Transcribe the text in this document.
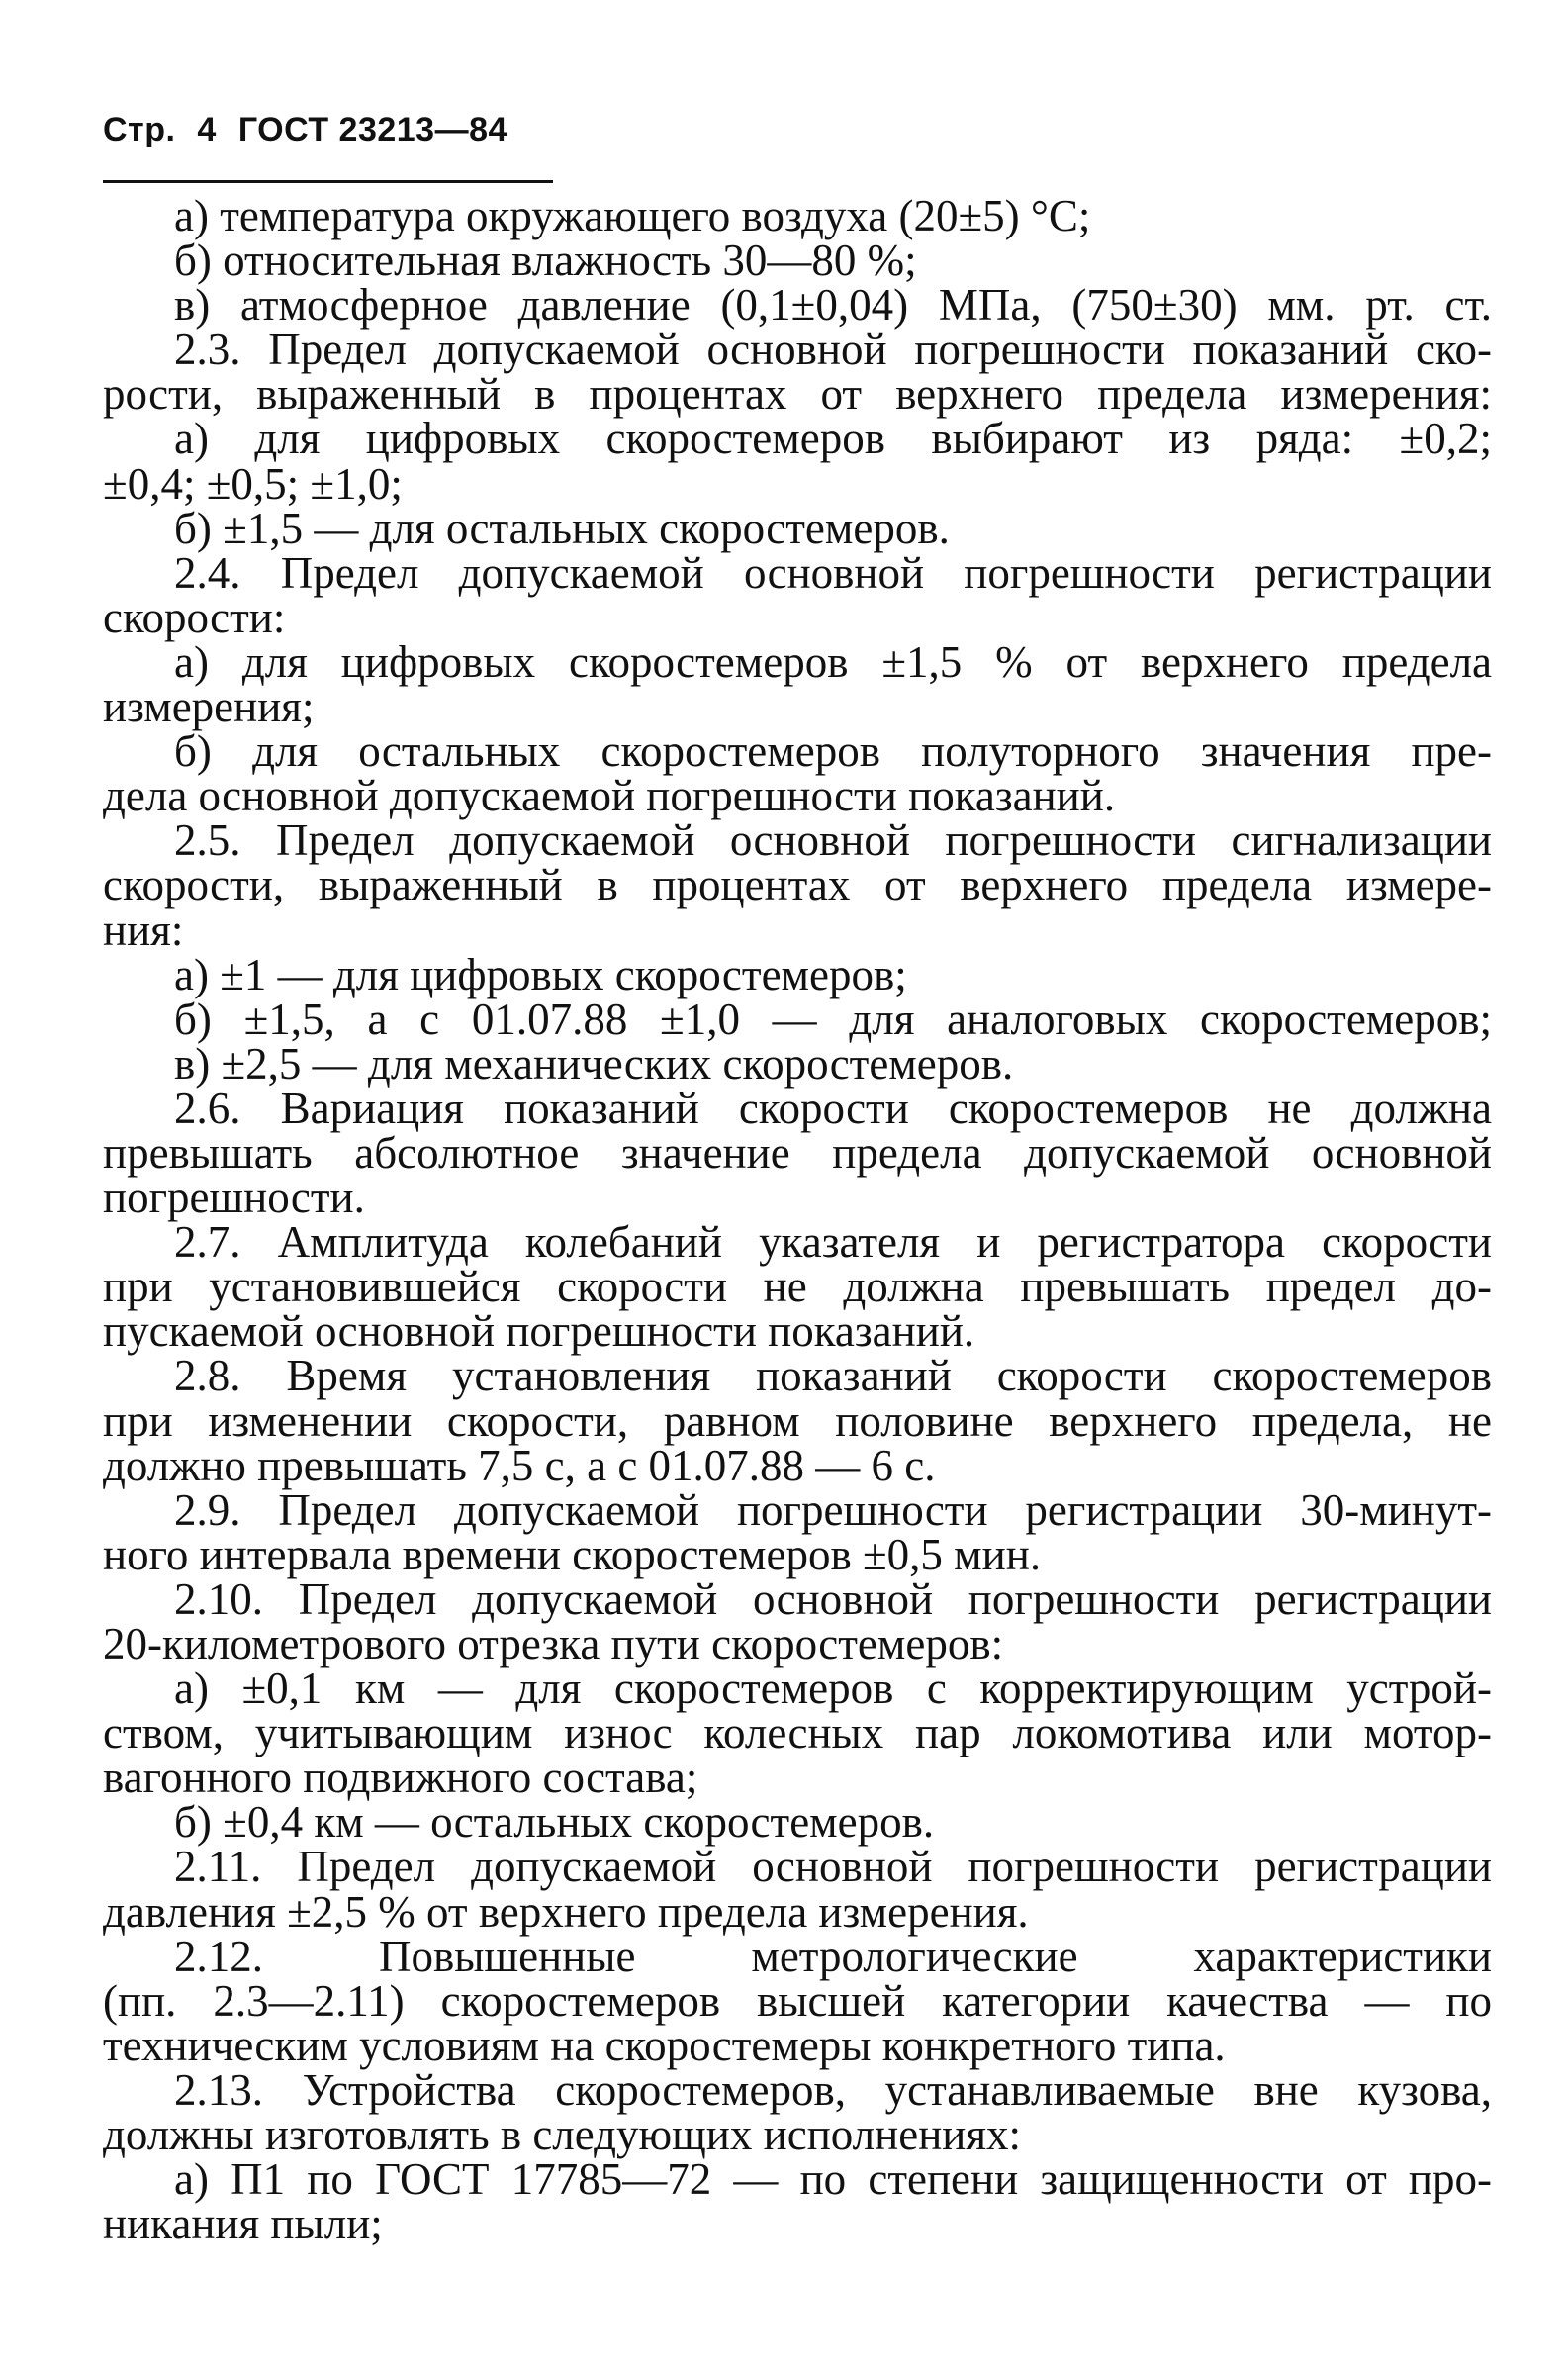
Стр. 4 ГОСТ 23213—84
а) температура окружающего воздуха (20±5) °С;
б) относительная влажность 30—80 %;
в) атмосферное давление (0,1±0,04) МПа, (750±30) мм. рт. ст.
2.3. Предел допускаемой основной погрешности показаний ско-
рости, выраженный в процентах от верхнего предела измерения:
а) для цифровых скоростемеров выбирают из ряда: ±0,2;
±0,4; ±0,5; ±1,0;
б) ±1,5 — для остальных скоростемеров.
2.4. Предел допускаемой основной погрешности регистрации
скорости:
а) для цифровых скоростемеров ±1,5 % от верхнего предела
измерения;
б) для остальных скоростемеров полуторного значения пре-
дела основной допускаемой погрешности показаний.
2.5. Предел допускаемой основной погрешности сигнализации
скорости, выраженный в процентах от верхнего предела измере-
ния:
а) ±1 — для цифровых скоростемеров;
б) ±1,5, а с 01.07.88 ±1,0 — для аналоговых скоростемеров;
в) ±2,5 — для механических скоростемеров.
2.6. Вариация показаний скорости скоростемеров не должна
превышать абсолютное значение предела допускаемой основной
погрешности.
2.7. Амплитуда колебаний указателя и регистратора скорости
при установившейся скорости не должна превышать предел до-
пускаемой основной погрешности показаний.
2.8. Время установления показаний скорости скоростемеров
при изменении скорости, равном половине верхнего предела, не
должно превышать 7,5 с, а с 01.07.88 — 6 с.
2.9. Предел допускаемой погрешности регистрации 30-минут-
ного интервала времени скоростемеров ±0,5 мин.
2.10. Предел допускаемой основной погрешности регистрации
20-километрового отрезка пути скоростемеров:
а) ±0,1 км — для скоростемеров с корректирующим устрой-
ством, учитывающим износ колесных пар локомотива или мотор-
вагонного подвижного состава;
б) ±0,4 км — остальных скоростемеров.
2.11. Предел допускаемой основной погрешности регистрации
давления ±2,5 % от верхнего предела измерения.
2.12. Повышенные метрологические характеристики
(пп. 2.3—2.11) скоростемеров высшей категории качества — по
техническим условиям на скоростемеры конкретного типа.
2.13. Устройства скоростемеров, устанавливаемые вне кузова,
должны изготовлять в следующих исполнениях:
а) П1 по ГОСТ 17785—72 — по степени защищенности от про-
никания пыли;
